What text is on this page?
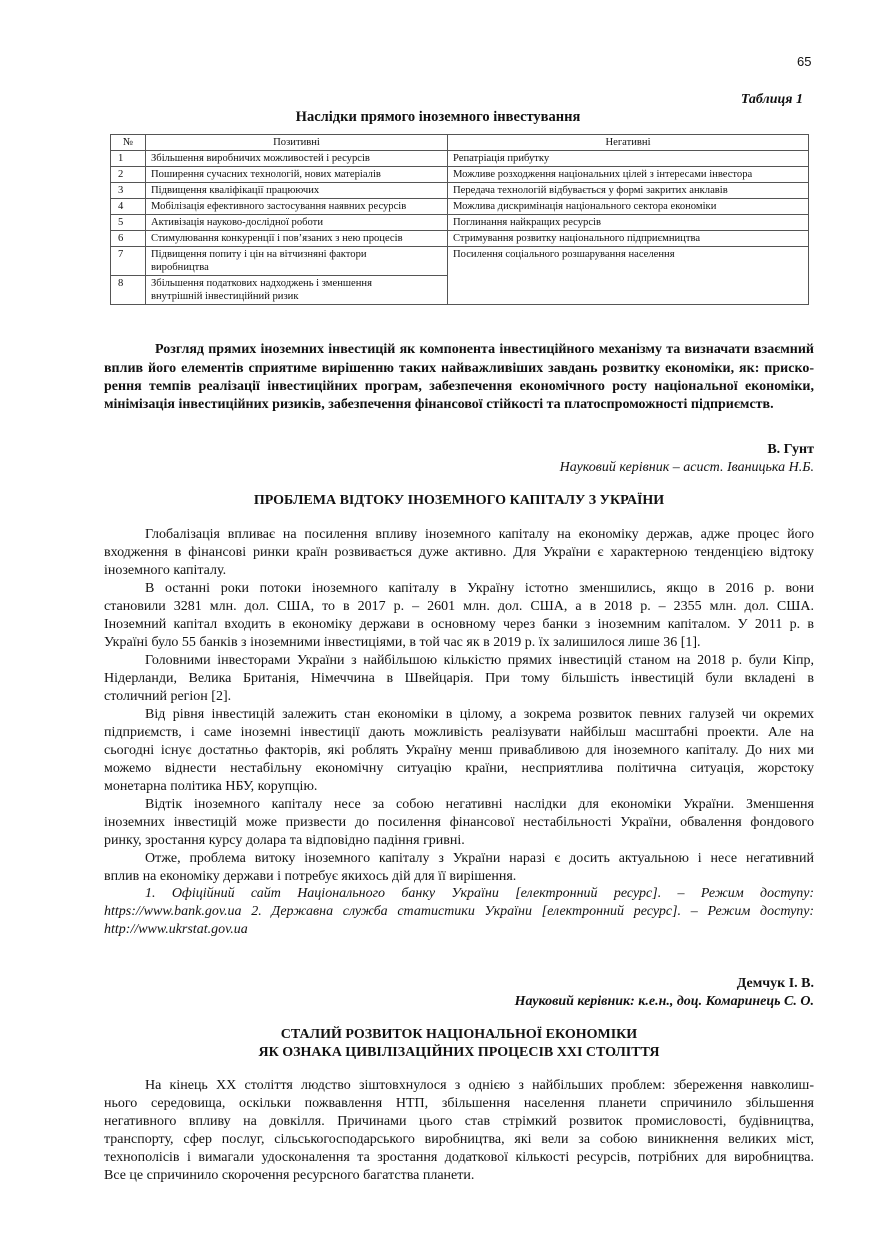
65
Таблиця 1
Наслідки прямого іноземного інвестування
№	Позитивні	Негативні
1	Збільшення виробничих можливостей і ресурсів	Репатріація прибутку

2	Поширення сучасних технологій, нових матеріалів	Можливе розходження національних цілей з інтересами інвестора

3	Підвищення кваліфікації працюючих	Передача технологій відбувається у формі закритих анклавів

4	Мобілізація ефективного застосування наявних ресурсів	Можлива дискримінація національного сектора економіки

5	Активізація науково-дослідної роботи	Поглинання найкращих ресурсів

6	Стимулювання конкуренції і пов’язаних з нею процесів	Стримування розвитку національного підприємництва

7	Підвищення попиту і цін на вітчизняні фактори
виробництва	Посилення соціального розшарування населення

8	Збільшення податкових надходжень і зменшення
внутрішній інвестиційний ризик	
Розгляд прямих іноземних інвестицій як компонента інвестиційного механізму та визначати взаємний
вплив його елементів сприятиме вирішенню таких найважливіших завдань розвитку економіки, як: приско-
рення темпів реалізації інвестиційних програм, забезпечення економічного росту національної економіки,
мінімізація інвестиційних ризиків, забезпечення фінансової стійкості та платоспроможності підприємств.
В. Гунт
Науковий керівник – асист. Іваницька Н.Б.
ПРОБЛЕМА ВІДТОКУ ІНОЗЕМНОГО КАПІТАЛУ З УКРАЇНИ
Глобалізація впливає на посилення впливу іноземного капіталу на економіку держав, адже процес його
входження в фінансові ринки країн розвивається дуже активно. Для України є характерною тенденцією відтоку
іноземного капіталу.
В останні роки потоки іноземного капіталу в Україну істотно зменшились, якщо в 2016 р. вони
становили 3281 млн. дол. США, то в 2017 р. – 2601 млн. дол. США, а в 2018 р. – 2355 млн. дол. США.
Іноземний капітал входить в економіку держави в основному через банки з іноземним капіталом. У 2011 р. в
Україні було 55 банків з іноземними інвестиціями, в той час як в 2019 р. їх залишилося лише 36 [1].
Головними інвесторами України з найбільшою кількістю прямих інвестицій станом на 2018 р. були Кіпр,
Нідерланди, Велика Британія, Німеччина в Швейцарія. При тому більшість інвестицій були вкладені в
столичний регіон [2].
Від рівня інвестицій залежить стан економіки в цілому, а зокрема розвиток певних галузей чи окремих
підприємств, і саме іноземні інвестиції дають можливість реалізувати найбільш масштабні проекти. Але на
сьогодні існує достатньо факторів, які роблять Україну менш привабливою для іноземного капіталу. До них ми
можемо віднести нестабільну економічну ситуацію країни, несприятлива політична ситуація, жорстоку
монетарна політика НБУ, корупцію.
Відтік іноземного капіталу несе за собою негативні наслідки для економіки України. Зменшення
іноземних інвестицій може призвести до посилення фінансової нестабільності України, обвалення фондового
ринку, зростання курсу долара та відповідно падіння гривні.
Отже, проблема витоку іноземного капіталу з України наразі є досить актуальною і несе негативний
вплив на економіку держави і потребує якихось дій для її вирішення.
1. Офіційний сайт Національного банку України [електронний ресурс]. – Режим доступу:
https://www.bank.gov.ua 2. Державна служба статистики України [електронний ресурс]. – Режим доступу:
http://www.ukrstat.gov.ua
Демчук І. В.
Науковий керівник: к.е.н., доц. Комаринець С. О.
СТАЛИЙ РОЗВИТОК НАЦІОНАЛЬНОЇ ЕКОНОМІКИ
ЯК ОЗНАКА ЦИВІЛІЗАЦІЙНИХ ПРОЦЕСІВ XXI СТОЛІТТЯ
На кінець XX століття людство зіштовхнулося з однією з найбільших проблем: збереження навколиш-
нього середовища, оскільки пожвавлення НТП, збільшення населення планети спричинило збільшення
негативного впливу на довкілля. Причинами цього став стрімкий розвиток промисловості, будівництва,
транспорту, сфер послуг, сільськогосподарського виробництва, які вели за собою виникнення великих міст,
технополісів і вимагали удосконалення та зростання додаткової кількості ресурсів, потрібних для виробництва.
Все це спричинило скорочення ресурсного багатства планети.
